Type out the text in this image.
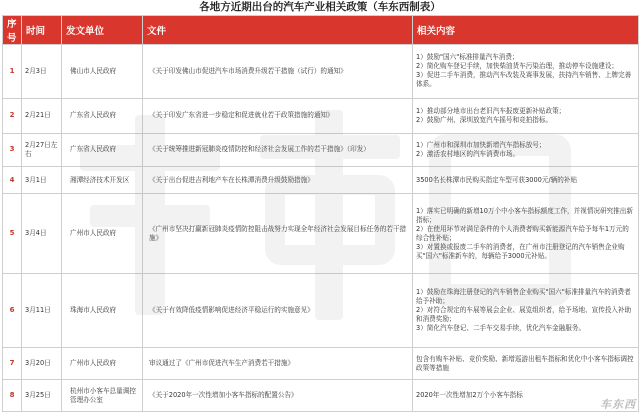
各地方近期出台的汽车产业相关政策（车东西制表）
序号	时间	发文单位	文件	相关内容
1	2月3日	佛山市人民政府	《关于印发佛山市促进汽车市场消费升级若干措施（试行）的通知》	1）鼓励"国六"标准排量汽车消费；
2）简化购车登记手续，加快柴油货车污染治理，推动停车设施建设；
3）促进二手车消费，推动汽车改装及赛事发展，扶持汽车销售、上牌完善
体系。

2	2月21日	广东省人民政府	《关于印发广东省进一步稳定和促进就业若干政策措施的通知》	1）推动部分地市出台老旧汽车报废更新补贴政策；
2）鼓励广州、深圳放宽汽车摇号和竞拍指标。

3	2月27日左右	广东省人民政府	《关于统筹推进新冠肺炎疫情防控和经济社会发展工作的若干措施》（印发）	1）广州市和深圳市加快新增汽车指标放号；
2）激活农村地区的汽车消费市场。

4	3月1日	湘潭经济技术开发区	《关于出台促进吉利地产车在长株潭消费升级鼓励措施》	3500名长株潭市民购买指定车型可获3000元/辆的补贴

5	3月4日	广州市人民政府	《广州市坚决打赢新冠肺炎疫情防控阻击战努力实现全年经济社会发展目标任务的若干措施》	1）落实已明确的新增10万个中小客车指标额度工作，并视情况研究推出新指标；
2）在使用环节对满足条件的个人消费者购买新能源汽车给予每车1万元的综合性补贴；
3）对置换或报废二手车的消费者，在广州市注册登记的汽车销售企业购买"国六"标准新车的，每辆给予3000元补贴。

6	3月11日	珠海市人民政府	《关于有效降低疫情影响促进经济平稳运行的实施意见》	1）鼓励在珠海注册登记的汽车销售企业购买"国六"标准排量汽车的消费者给予补助；
2）对符合规定的车展等展会企业、展览组织者，给予场地、宣传投入补助和消费奖励；
3）简化汽车登记、二手车交易手续，优化汽车金融服务。

7	3月20日	广州市人民政府	审议通过了《广州市促进汽车生产消费若干措施》	包含有购车补贴、竞价奖励、新增巡游出租车指标和优化中小客车指标调控政策等措施

8	3月25日	杭州市小客车总量调控管理办公室	《关于2020年一次性增加小客车指标的配置公告》	2020年一次性增加2万个小客车指标
车东西
